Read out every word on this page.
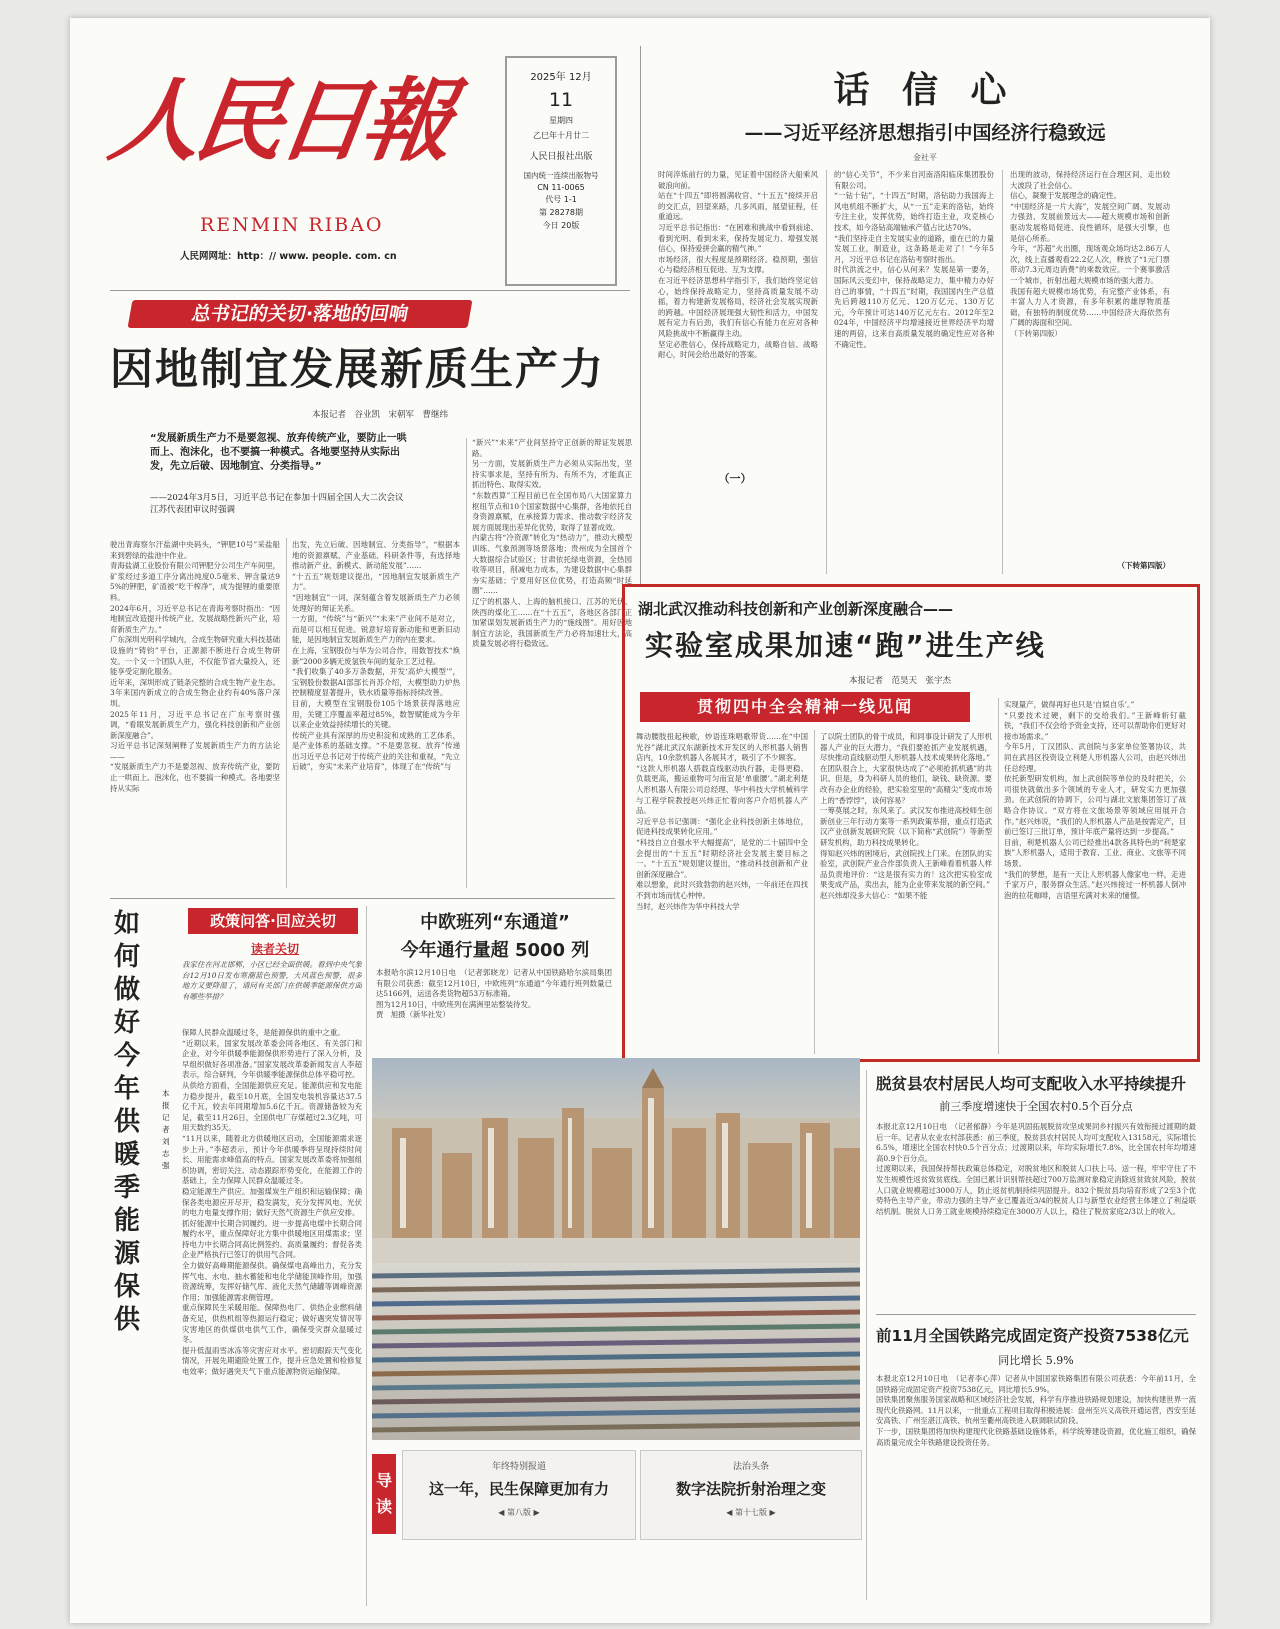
人民日報
RENMIN RIBAO
人民网网址：http：// www. people. com. cn
2025年 12月
11
星期四
乙巳年十月廿二
人民日报社出版
国内统一连续出版物号
CN 11-0065
代号 1-1
第 28278期
今日 20版
话 信 心
——习近平经济思想指引中国经济行稳致远
金社平
时间淬炼前行的力量，见证着中国经济大船乘风破浪向前。
站在“十四五”即将圆满收官、“十五五”接续开启的交汇点，回望来路，几多风雨，展望征程，任重道远。
习近平总书记指出：“在困难和挑战中看到前途、看到光明、看到未来，保持发展定力、增强发展信心，保持爱拼会赢的精气神。”
市场经济，很大程度是预期经济。稳预期，强信心与稳经济相互促进、互为支撑。
在习近平经济思想科学指引下，我们始终坚定信心，始终保持战略定力，坚持高质量发展不动摇，着力构建新发展格局，经济社会发展实现新的跨越。中国经济展现强大韧性和活力，中国发展有定力有后劲，我们有信心有能力在应对各种风险挑战中不断赢得主动。
坚定必胜信心，保持战略定力，战略自信、战略耐心，时间会给出最好的答案。
（一）
的“信心关节”，不少来自河南洛阳临床集团股份有限公司。
“一钻十钻”，“十四五”时期，洛钻助力我国海上风电机组不断扩大，从“一五”走来的洛钻，始终专注主业，发挥优势，始终打造主业，攻克核心技术，如今洛钻高端轴承产值占比达70%。
“我们坚持走自主发展实业的道路，重在已的力量发展工业，制造业，这条路是走对了！”今年5月，习近平总书记在洛钻考察时指出。
时代洪流之中，信心从何来？发展是第一要务，国际风云变幻中，保持战略定力，集中精力办好自己的事情，“十四五”时期，我国国内生产总值先后跨越110万亿元、120万亿元、130万亿元，今年预计可达140万亿元左右。2012年至2024年，中国经济平均增速接近世界经济平均增速的两倍，这来自高质量发展的确定性应对各种不确定性。
出现的波动，保持经济运行在合理区间，走出较大波段了社会信心。
信心，凝聚于发展理念的确定性。
“中国经济是一片大海”，发展空间广阔、发展动力强劲、发展前景远大——超大规模市场和创新驱动发展格局促进、良性循环，是强大引擎，也是信心所系。
今年，“苏超”火出圈，现场观众场均达2.86万人次，线上直播观看22.2亿人次，释放了“1元门票带动7.3元周边消费”的乘数效应。一个赛事激活一个城市，折射出超大规模市场的强大潜力。
我国有超大规模市场优势，有完整产业体系，有丰富人力人才资源，有多年积累的雄厚物质基础，有独特的制度优势……中国经济大海依然有广阔的海面和空间。
（下转第四版）
（下转第四版）
总书记的关切·落地的回响
因地制宜发展新质生产力
本报记者　谷业凯　宋朝军　曹继纬
“发展新质生产力不是要忽视、放弃传统产业，要防止一哄而上、泡沫化，也不要搞一种模式。各地要坚持从实际出发，先立后破、因地制宜、分类指导。”
——2024年3月5日，习近平总书记在参加十四届全国人大二次会议江苏代表团审议时强调
驶出青海察尔汗盐湖中央码头，“钾肥10号”采盐船来到碧绿的盐池中作业。
青海盐湖工业股份有限公司钾肥分公司生产车间里，矿浆经过多道工序分离出纯度0.5毫米、钾含量达95%的钾肥，矿渣被“吃干榨净”，成为提锂的重要原料。
2024年6月，习近平总书记在青海考察时指出：“因地制宜改造提升传统产业、发展战略性新兴产业，培育新质生产力。”
广东深圳光明科学城内，合成生物研究重大科技基础设施的“铸钧”平台，正源源不断进行合成生物研发。一个又一个团队入驻，不仅能节省大量投入，还能享受定制化服务。
近年来，深圳形成了链条完整的合成生物产业生态。3年来国内新成立的合成生物企业约有40%落户深圳。
2025年11月，习近平总书记在广东考察时强调，“看眼发展新质生产力，强化科技创新和产业创新深度融合”。
习近平总书记深刻阐释了发展新质生产力的方法论——
“发展新质生产力不是要忽视、放弃传统产业，要防止一哄而上、泡沫化，也不要搞一种模式。各地要坚持从实际
出发，先立后破、因地制宜、分类指导”，“根据本地的资源禀赋、产业基础、科研条件等，有选择地推动新产业、新模式、新动能发展”……
“十五五”规划建议提出，“因地制宜发展新质生产力”。
“因地制宜”一词，深刻蕴含着发展新质生产力必须处理好的辩证关系。
一方面，“传统”与“新兴”“未来”产业间不是对立，而是可以相互促进。锐意好培育新动能和更新旧动能，是因地制宜发展新质生产力的内在要求。
在上海，宝钢股份与华为公司合作，用数智技术“焕新”2000多辆无废氢铁车间的复杂工艺过程。
“我们收集了40多万条数据，开发‘高炉大模型’”，宝钢股份数据AI部部长肖苏介绍，大模型助力炉热控制精度显著提升，铁水质量等指标持续改善。
目前，大模型在宝钢股份105个场景获得落地应用，关键工序覆盖率超过85%，数智赋能成为今年以来企业效益持续增长的关键。
传统产业具有深厚的历史积淀和成熟的工艺体系，是产业体系的基础支撑。“不是要忽视、放弃”传递出习近平总书记对于传统产业的关注和重视，“先立后破”，夯实“未来产业培育”，体现了在“传统”与
“新兴”“未来”产业间坚持守正创新的辩证发展思路。
另一方面，发展新质生产力必须从实际出发，坚持实事求是，坚持有所为、有所不为，才能真正抓出特色、取得实效。
“东数西算”工程目前已在全国布局八大国家算力枢纽节点和10个国家数据中心集群，各地依托自身资源禀赋，在承接算力需求、推动数字经济发展方面展现出差异化优势，取得了显著成效。
内蒙古将“冷资源”转化为“热动力”，推动大模型训练、气象预测等场景落地；贵州成为全国首个大数据综合试验区；甘肃依托绿电资源，全热园收等项目，削减电力成本，为建设数据中心集群夯实基础；宁夏用好区位优势，打造高频“时延圈”……
辽宁的机器人、上海的脑机接口、江苏的光伏、陕西的煤化工……在“十五五”，各地区各部门正加紧谋划发展新质生产力的“施线图”。用好因地制宜方法论，我国新质生产力必将加速壮大，高质量发展必将行稳致远。
湖北武汉推动科技创新和产业创新深度融合——
实验室成果加速“跑”进生产线
本报记者　范昊天　张宇杰
贯彻四中全会精神一线见闻
舞动腰肢扭起秧歌，炒语连珠唱歌带货……在“中国光谷”湖北武汉东湖新技术开发区的人形机器人销售店内，10余款机器人各展其才，吸引了不少顾客。
“这款人形机器人搭载直线驱动执行器，走得更稳、负载更高，搬运重物可匀而宜是‘单重腰’。”湖北利楚人形机器人有限公司总经理、华中科技大学机械科学与工程学院教授赵兴炜正忙着向客户介绍机器人产品。
习近平总书记强调：“强化企业科技创新主体地位，促进科技成果转化应用。”
“科技自立自强水平大幅提高”，是党的二十届四中全会提出的“十五五”时期经济社会发展主要目标之一。“十五五”规划建议提出，“推动科技创新和产业创新深度融合”。
难以想象，此时兴致勃勃的赵兴炜，一年前还在四找不到市场而忧心忡忡。
当时，赵兴炜作为华中科技大学
了以院士团队的骨干成员，和同事设计研发了人形机器人产业的巨大潜力，“我们要抢抓产业发展机遇，尽快推动直线驱动型人形机器人技术成果转化落地。”
在团队很合上，大家很快达成了“必须抢抓机遇”的共识。但是，身为科研人员的他们，缺钱、缺资源、要改有办企业的经验，把实验室里的“高精尖”变成市场上的“香饽饽”，谈何容易？
一筹莫展之时，东风来了。武汉发布推进高校师生创新创业三年行动方案等一系列政策举措，重点打造武汉产业创新发展研究院（以下简称“武创院”）等新型研发机构，助力科技成果转化。
得知赵兴炜的困境后，武创院找上门来。在团队的实验室，武创院产业合作部负责人王新峰看着机器人样品负责地评价：“这是很有实力的！这次把实验室成果变成产品，卖出去，能为企业带来发展的新空间。”
赵兴炜却没多大信心：“如果不能
实现量产，做得再好也只是‘自娱自乐’。”
“只要技术过硬，剩下的交给我们。”王新峰斩钉截铁，“我们不仅会给予资金支持，还可以帮助你们更好对接市场需求。”
今年5月，丁汉团队、武创院与多家单位签署协议，共同在武昌区投资设立利楚人形机器人公司，由赵兴炜出任总经理。
依托新型研发机构，加上武创院等单位的及时把关，公司很快就做出多个领域的专业人才，研发实力更加强劲。在武创院的协调下，公司与湖北文旅集团签订了战略合作协议。“双方将在文旅场景等领域应用展开合作。”赵兴炜说，“我们的人形机器人产品是按需定产，目前已签订三批订单，预计年底产量将达到一步提高。”
目前，利楚机器人公司已经推出4款各具特色的“利楚家族”人形机器人，适用于教育、工业、商业、文旅等不同场景。
“我们的梦想，是有一天让人形机器人像家电一样，走进千家万户，服务群众生活。”赵兴炜接过一杯机器人倒冲泡的拉花咖啡，言语里充满对未来的憧憬。
如何做好今年供暖季能源保供
本报记者　刘志强
政策问答·回应关切
读者关切
我家住在河北邯郸，小区已经全面供暖。看到中央气象台12月10日发布寒潮蓝色预警，大风蓝色预警，很多地方又要降温了，请问有关部门在供暖季能源保供方面有哪些举措？
保障人民群众温暖过冬，是能源保供的重中之重。
“近期以来，国家发展改革委会同各地区、有关部门和企业，对今年供暖季能源保供形势进行了深入分析，及早组织做好各项准备。”国家发展改革委新闻发言人李超表示，综合研判，今年供暖季能源保供总体平稳可控。
从供给方面看，全国能源供应充足。能源供应和发电能力稳步提升，截至10月底，全国发电装机容量达37.5亿千瓦，较去年同期增加5.6亿千瓦。资源储备较为充足，截至11月26日，全国供电厂存煤超过2.3亿吨，可用天数约35天。
“11月以来，随着北方供暖地区启动，全国能源需求逐步上升。”李超表示，预计今年供暖季将呈现持续时间长、用能需求峰值高的特点。国家发展改革委将加强组织协调，密切关注、动态跟踪形势变化，在能源工作的基础上，全力保障人民群众温暖过冬。
稳定能源生产供应。加强煤炭生产组织和运输保障；确保各类电源应开尽开，稳发满发，充分发挥风电、光伏的电力电量支撑作用；做好天然气资源生产供应安排。
抓好能源中长期合同履约。进一步提高电煤中长期合同履约水平，重点保障好北方集中供暖地区用煤需求；坚持电力中长期合同高比例签约、高质量履约；督促各类企业严格执行已签订的供用气合同。
全力做好高峰期能源保供。确保煤电高峰出力，充分发挥气电、水电、抽水蓄能和电化学储能顶峰作用，加强资源统筹，发挥好储气库、液化天然气储罐等调峰资源作用；加强能源需求侧管理。
重点保障民生采暖用能。保障热电厂、供热企业燃料储备充足，供热机组等热源运行稳定；做好遇突发情况等灾害地区的供煤供电供气工作，确保受灾群众温暖过冬。
提升低温雨雪冰冻等灾害应对水平。密切跟踪天气变化情况，开展先期避险处置工作，提升应急处置和检修复电效率；做好遇突天气下重点能源物资运输保障。
中欧班列“东通道”
今年通行量超 5000 列
本报哈尔滨12月10日电　（记者郭晓龙）记者从中国铁路哈尔滨局集团有限公司获悉：截至12月10日，中欧班列“东通道”今年通行班列数量已达5166列，运送各类货物超53万标准箱。
图为12月10日，中欧班列在满洲里站整装待发。
贾　旭摄（新华社发）
脱贫县农村居民人均可支配收入水平持续提升
前三季度增速快于全国农村0.5个百分点
本报北京12月10日电　（记者郁静）今年是巩固拓展脱贫攻坚成果同乡村振兴有效衔接过渡期的最后一年。记者从农业农村部获悉：前三季度，脱贫县农村居民人均可支配收入13158元，实际增长6.5%，增速比全国农村快0.5个百分点；过渡期以来，年均实际增长7.8%，比全国农村年均增速高0.9个百分点。
过渡期以来，我国保持帮扶政策总体稳定，对脱贫地区和脱贫人口扶上马、送一程，牢牢守住了不发生规模性返贫致贫底线。全国已累计识别帮扶超过700万监测对象稳定消除返贫致贫风险，脱贫人口就业规模超过3000万人，防止返贫机制持续巩固提升。832个脱贫县均培育形成了2至3个优势特色主导产业，带动力强的主导产业已覆盖近3/4的脱贫人口与新型农业经营主体建立了利益联结机制。脱贫人口务工就业规模持续稳定在3000万人以上，稳住了脱贫家庭2/3以上的收入。
前11月全国铁路完成固定资产投资7538亿元
同比增长 5.9%
本报北京12月10日电　（记者李心萍）记者从中国国家铁路集团有限公司获悉：今年前11月，全国铁路完成固定资产投资7538亿元，同比增长5.9%。
国铁集团聚焦服务国家战略和区域经济社会发展，科学有序推进铁路规划建设，加快构建世界一流现代化铁路网。11月以来，一批重点工程项目取得积极进展：盘州至兴义高铁开通运营，西安至延安高铁、广州至湛江高铁、杭州至衢州高铁进入联调联试阶段。
下一步，国铁集团将加快构建现代化铁路基础设施体系，科学统筹建设资源，优化施工组织，确保高质量完成全年铁路建设投资任务。
导读
年终特别报道
这一年，民生保障更加有力
◀ 第八版 ▶
法治头条
数字法院折射治理之变
◀ 第十七版 ▶
